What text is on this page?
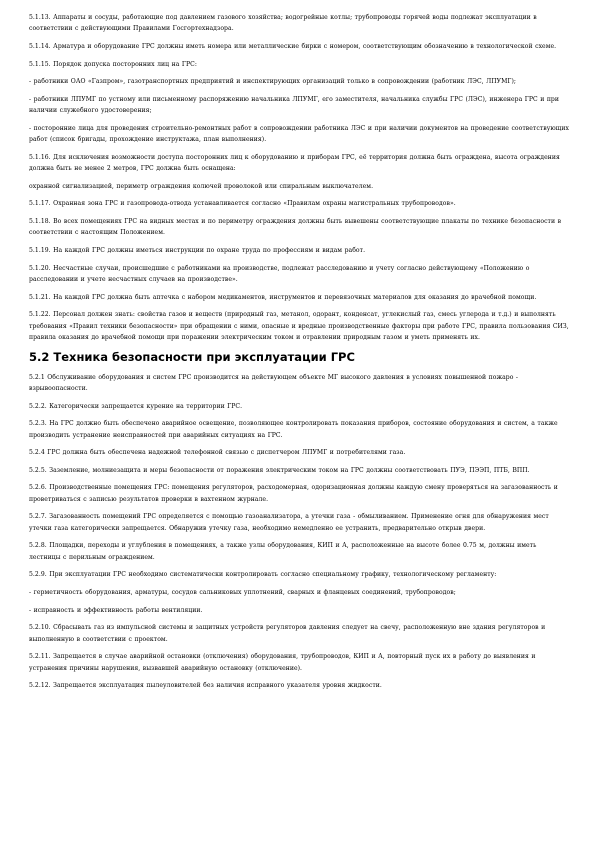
5.1.13. Аппараты и сосуды, работающие под давлением газового хозяйства; водогрейные котлы; трубопроводы горячей воды подлежат эксплуатации в соответствии с действующими Правилами Госгортехнадзора.

5.1.14. Арматура и оборудование ГРС должны иметь номера или металлические бирки с номером, соответствующим обозначению в технологической схеме.

5.1.15. Порядок допуска посторонних лиц на ГРС:

- работники ОАО «Газпром», газотранспортных предприятий и инспектирующих организаций только в сопровождении (работник ЛЭС, ЛПУМГ);

- работники ЛПУМГ по устному или письменному распоряжению начальника ЛПУМГ, его заместителя, начальника службы ГРС (ЛЭС), инженера ГРС и при наличии служебного удостоверения;

- посторонние лица для проведения строительно-ремонтных работ в сопровождении работника ЛЭС и при наличии документов на проведение соответствующих работ (список бригады, прохождение инструктажа, план выполнения).

5.1.16. Для исключения возможности доступа посторонних лиц к оборудованию и приборам ГРС, её территория должна быть ограждена, высота ограждения должна быть не менее 2 метров, ГРС должна быть оснащена:

охранной сигнализацией, периметр ограждения колючей проволокой или спиральным выключателем.

5.1.17. Охранная зона ГРС и газопровода-отвода устанавливается согласно «Правилам охраны магистральных трубопроводов».

5.1.18. Во всех помещениях ГРС на видных местах и по периметру ограждения должны быть вывешены соответствующие плакаты по технике безопасности в соответствии с настоящим Положением.

5.1.19. На каждой ГРС должны иметься инструкции по охране труда по профессиям и видам работ.

5.1.20. Несчастные случаи, происшедшие с работниками на производстве, подлежат расследованию и учету согласно действующему «Положению о расследовании и учете несчастных случаев на производстве».

5.1.21. На каждой ГРС должна быть аптечка с набором медикаментов, инструментов и перевязочных материалов для оказания до врачебной помощи.

5.1.22. Персонал должен знать: свойства газов и веществ (природный газ, метанол, одорант, конденсат, углекислый газ, смесь углерода и т.д.) и выполнять требования «Правил техники безопасности» при обращении с ними, опасные и вредные производственные факторы при работе ГРС, правила пользования СИЗ, правила оказания до врачебной помощи при поражении электрическим током и отравлении природным газом и уметь применять их.

5.2 Техника безопасности при эксплуатации ГРС

5.2.1 Обслуживание оборудования и систем ГРС производится на действующем объекте МГ высокого давления в условиях повышенной пожаро - взрывоопасности.

5.2.2. Категорически запрещается курение на территории ГРС.

5.2.3. На ГРС должно быть обеспечено аварийное освещение, позволяющее контролировать показания приборов, состояние оборудования и систем, а также производить устранение неисправностей при аварийных ситуациях на ГРС.

5.2.4 ГРС должна быть обеспечена надежной телефонной связью с диспетчером ЛПУМГ и потребителями газа.

5.2.5. Заземление, молниезащита и меры безопасности от поражения электрическим током на ГРС должны соответствовать ПУЭ, ПЭЭП, ПТБ, ВПП.

5.2.6. Производственные помещения ГРС: помещения регуляторов, расходомерная, одоризационная должны каждую смену проверяться на загазованность и проветриваться с записью результатов проверки в вахтенном журнале.

5.2.7. Загазованность помещений ГРС определяется с помощью газоанализатора, а утечки газа - обмыливанием. Применение огня для обнаружения мест утечки газа категорически запрещается. Обнаружив утечку газа, необходимо немедленно ее устранить, предварительно открыв двери.

5.2.8. Площадки, переходы и углубления в помещениях, а также узлы оборудования, КИП и А, расположенные на высоте более 0.75 м, должны иметь лестницы с перильным ограждением.

5.2.9. При эксплуатации ГРС необходимо систематически контролировать согласно специальному графику, технологическому регламенту:

- герметичность оборудования, арматуры, сосудов сальниковых уплотнений, сварных и фланцевых соединений, трубопроводов;

- исправность и эффективность работы вентиляции.

5.2.10. Сбрасывать газ из импульсной системы и защитных устройств регуляторов давления следует на свечу, расположенную вне здания регуляторов и выполненную в соответствии с проектом.

5.2.11. Запрещается в случае аварийной остановки (отключения) оборудования, трубопроводов, КИП и А, повторный пуск их в работу до выявления и устранения причины нарушения, вызвавшей аварийную остановку (отключение).

5.2.12. Запрещается эксплуатация пылеуловителей без наличия исправного указателя уровня жидкости.
